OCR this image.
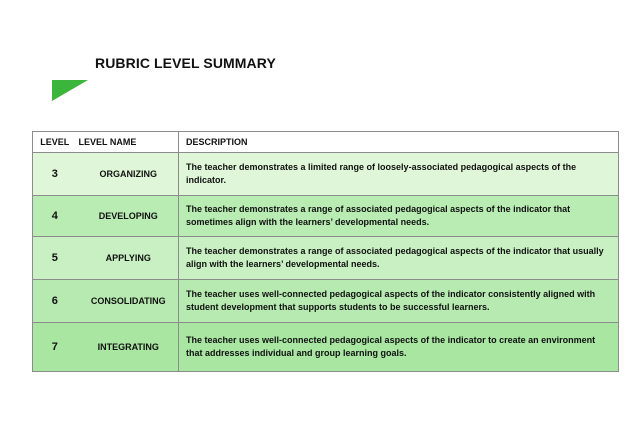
RUBRIC LEVEL SUMMARY
LEVEL	LEVEL NAME	DESCRIPTION
3	ORGANIZING	The teacher demonstrates a limited range of loosely-associated pedagogical aspects of the indicator.
4	DEVELOPING	The teacher demonstrates a range of associated pedagogical aspects of the indicator that sometimes align with the learners’ developmental needs.
5	APPLYING	The teacher demonstrates a range of associated pedagogical aspects of the indicator that usually align with the learners’ developmental needs.
6	CONSOLIDATING	The teacher uses well-connected pedagogical aspects of the indicator consistently aligned with student development that supports students to be successful learners.
7	INTEGRATING	The teacher uses well-connected pedagogical aspects of the indicator to create an environment that addresses individual and group learning goals.
